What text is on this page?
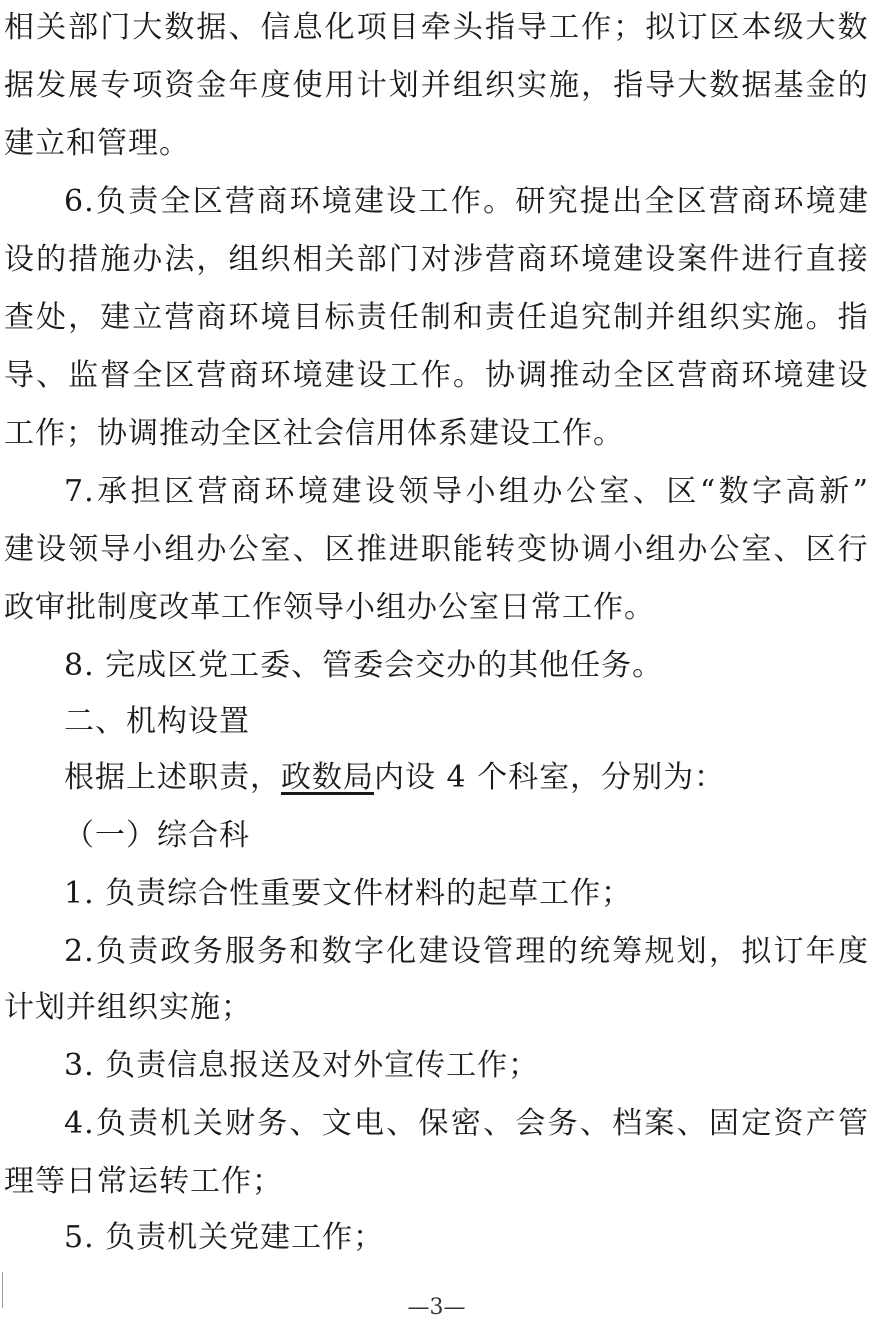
相 关 部 门 大 数 据 、 信 息 化 项 目 牵 头 指 导 工 作 ； 拟 订 区 本 级 大 数
据 发 展 专 项 资 金 年 度 使 用 计 划 并 组 织 实 施 ， 指 导 大 数 据 基 金 的
建立和管理。
6. 负 责 全 区 营 商 环 境 建 设 工 作 。 研 究 提 出 全 区 营 商 环 境 建
设 的 措 施 办 法 ， 组 织 相 关 部 门 对 涉 营 商 环 境 建 设 案 件 进 行 直 接
查 处 ， 建 立 营 商 环 境 目 标 责 任 制 和 责 任 追 究 制 并 组 织 实 施 。 指
导 、 监 督 全 区 营 商 环 境 建 设 工 作 。 协 调 推 动 全 区 营 商 环 境 建 设
工作；协调推动全区社会信用体系建设工作。
7. 承 担 区 营 商 环 境 建 设 领 导 小 组 办 公 室 、 区 “ 数 字 高 新 ”
建 设 领 导 小 组 办 公 室 、 区 推 进 职 能 转 变 协 调 小 组 办 公 室 、 区 行
政审批制度改革工作领导小组办公室日常工作。
8. 完成区党工委、管委会交办的其他任务。
二、机构设置
根据上述职责，政数局内设 4 个科室，分别为：
（一）综合科
1. 负责综合性重要文件材料的起草工作；
2. 负 责 政 务 服 务 和 数 字 化 建 设 管 理 的 统 筹 规 划 ， 拟 订 年 度
计划并组织实施；
3. 负责信息报送及对外宣传工作；
4. 负 责 机 关 财 务 、 文 电 、 保 密 、 会 务 、 档 案 、 固 定 资 产 管
理等日常运转工作；
5. 负责机关党建工作；
—3—
